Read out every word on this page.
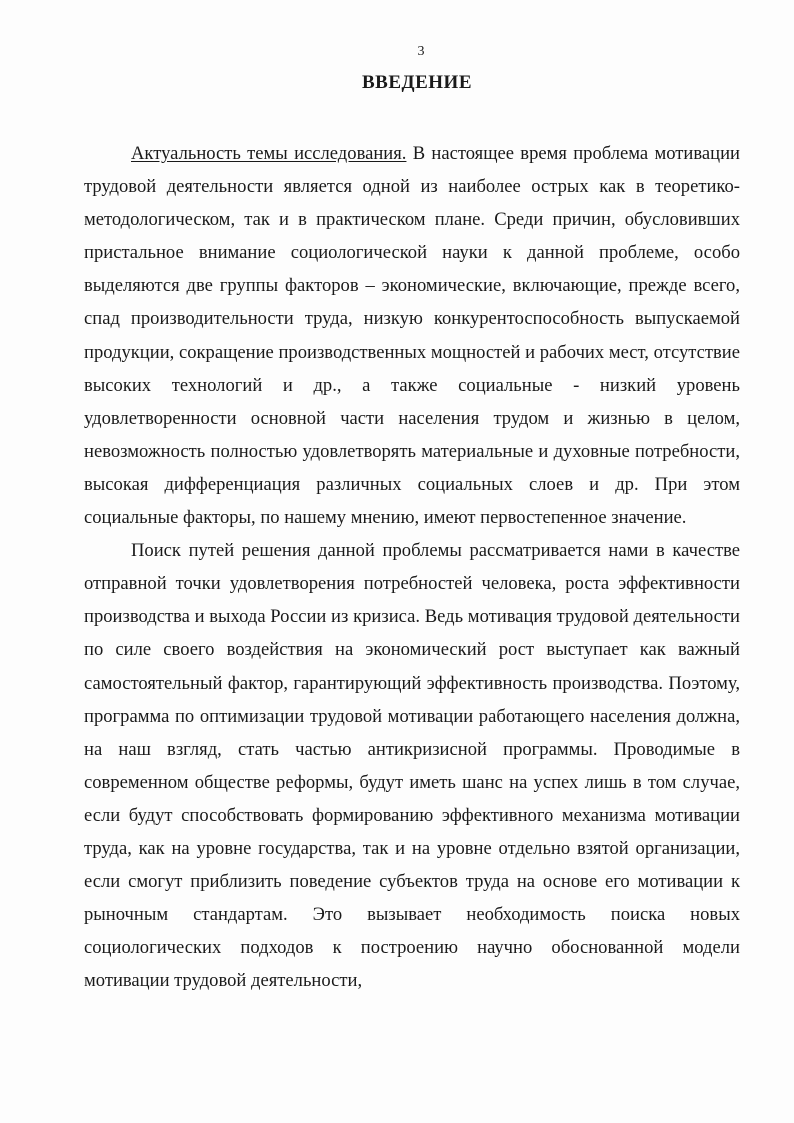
3
ВВЕДЕНИЕ

Актуальность темы исследования. В настоящее время проблема мотивации трудовой деятельности является одной из наиболее острых как в теоретико-методологическом, так и в практическом плане. Среди причин, обусловивших пристальное внимание социологической науки к данной проблеме, особо выделяются две группы факторов – экономические, включающие, прежде всего, спад производительности труда, низкую конкурентоспособность выпускаемой продукции, сокращение производственных мощностей и рабочих мест, отсутствие высоких технологий и др., а также социальные - низкий уровень удовлетворенности основной части населения трудом и жизнью в целом, невозможность полностью удовлетворять материальные и духовные потребности, высокая дифференциация различных социальных слоев и др. При этом социальные факторы, по нашему мнению, имеют первостепенное значение.

Поиск путей решения данной проблемы рассматривается нами в качестве отправной точки удовлетворения потребностей человека, роста эффективности производства и выхода России из кризиса. Ведь мотивация трудовой деятельности по силе своего воздействия на экономический рост выступает как важный самостоятельный фактор, гарантирующий эффективность производства. Поэтому, программа по оптимизации трудовой мотивации работающего населения должна, на наш взгляд, стать частью антикризисной программы. Проводимые в современном обществе реформы, будут иметь шанс на успех лишь в том случае, если будут способствовать формированию эффективного механизма мотивации труда, как на уровне государства, так и на уровне отдельно взятой организации, если смогут приблизить поведение субъектов труда на основе его мотивации к рыночным стандартам. Это вызывает необходимость поиска новых социологических подходов к построению научно обоснованной модели мотивации трудовой деятельности,
